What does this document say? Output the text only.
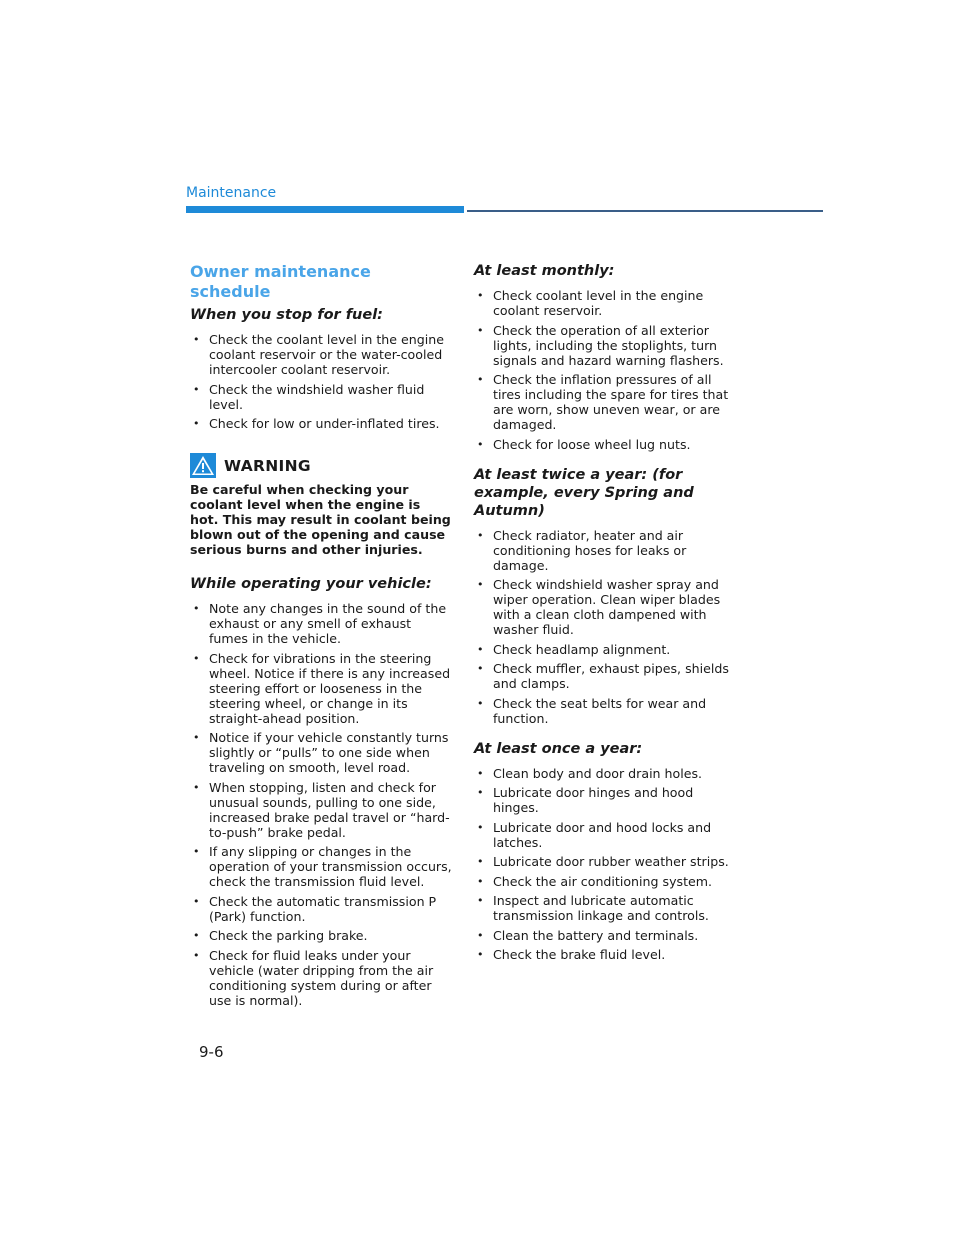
Maintenance
Owner maintenance schedule
When you stop for fuel:
• Check the coolant level in the engine coolant reservoir or the water-cooled intercooler coolant reservoir.
• Check the windshield washer fluid level.
• Check for low or under-inflated tires.
WARNING

Be careful when checking your coolant level when the engine is hot. This may result in coolant being blown out of the opening and cause serious burns and other injuries.

While operating your vehicle:
• Note any changes in the sound of the exhaust or any smell of exhaust fumes in the vehicle.
• Check for vibrations in the steering wheel. Notice if there is any increased steering effort or looseness in the steering wheel, or change in its straight-ahead position.
• Notice if your vehicle constantly turns slightly or “pulls” to one side when traveling on smooth, level road.
• When stopping, listen and check for unusual sounds, pulling to one side, increased brake pedal travel or “hard-to-push” brake pedal.
• If any slipping or changes in the operation of your transmission occurs, check the transmission fluid level.
• Check the automatic transmission P (Park) function.
• Check the parking brake.
• Check for fluid leaks under your vehicle (water dripping from the air conditioning system during or after use is normal).
At least monthly:
• Check coolant level in the engine coolant reservoir.
• Check the operation of all exterior lights, including the stoplights, turn signals and hazard warning flashers.
• Check the inflation pressures of all tires including the spare for tires that are worn, show uneven wear, or are damaged.
• Check for loose wheel lug nuts.
At least twice a year: (for example, every Spring and Autumn)
• Check radiator, heater and air conditioning hoses for leaks or damage.
• Check windshield washer spray and wiper operation. Clean wiper blades with a clean cloth dampened with washer fluid.
• Check headlamp alignment.
• Check muffler, exhaust pipes, shields and clamps.
• Check the seat belts for wear and function.
At least once a year:
• Clean body and door drain holes.
• Lubricate door hinges and hood hinges.
• Lubricate door and hood locks and latches.
• Lubricate door rubber weather strips.
• Check the air conditioning system.
• Inspect and lubricate automatic transmission linkage and controls.
• Clean the battery and terminals.
• Check the brake fluid level.
9-6
